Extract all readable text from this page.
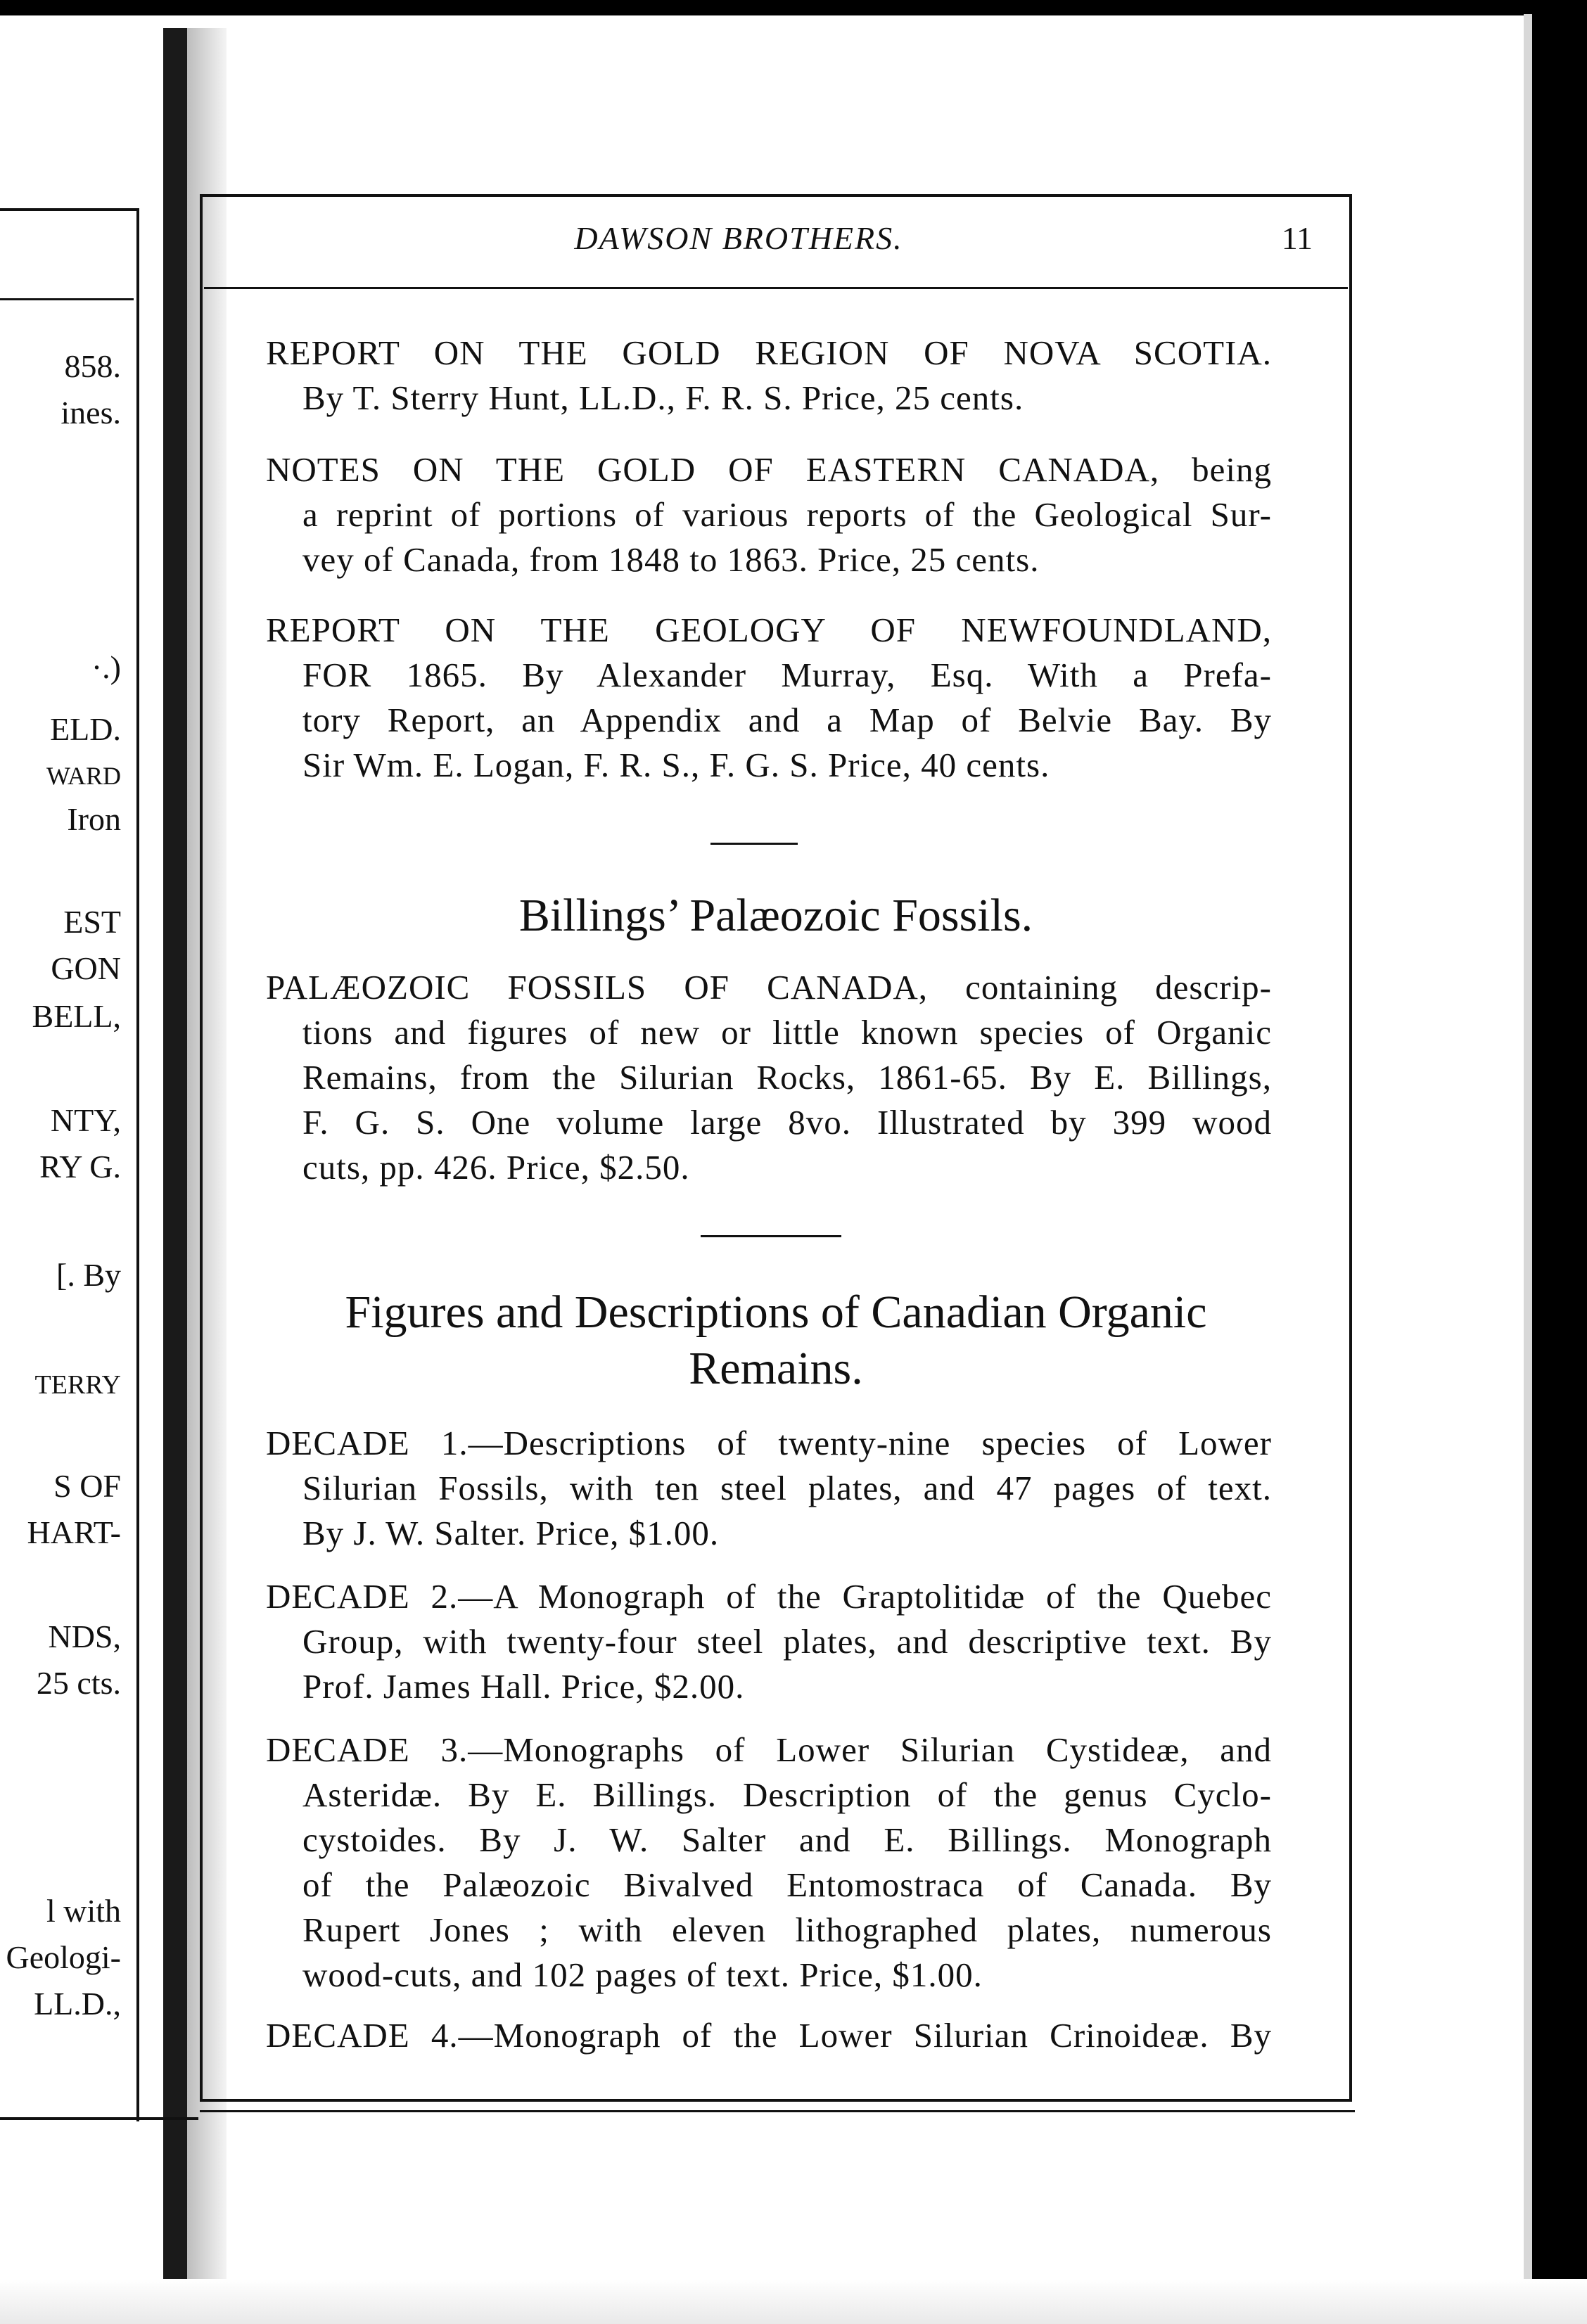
858.
ines.
·.)
ELD.
WARD
Iron
EST
GON
BELL,
NTY,
RY G.
[. By
TERRY
S OF
HART-
NDS,
25 cts.
l with
Geologi-
LL.D.,
DAWSON BROTHERS.	11
REPORT ON THE GOLD REGION OF NOVA SCOTIA.
By T. Sterry Hunt, LL.D., F. R. S. Price, 25 cents.
NOTES ON THE GOLD OF EASTERN CANADA, being
a reprint of portions of various reports of the Geological Sur-
vey of Canada, from 1848 to 1863. Price, 25 cents.
REPORT ON THE GEOLOGY OF NEWFOUNDLAND,
FOR 1865. By Alexander Murray, Esq. With a Prefa-
tory Report, an Appendix and a Map of Belvie Bay. By
Sir Wm. E. Logan, F. R. S., F. G. S. Price, 40 cents.
Billings’ Palæozoic Fossils.
PALÆOZOIC FOSSILS OF CANADA, containing descrip-
tions and figures of new or little known species of Organic
Remains, from the Silurian Rocks, 1861-65. By E. Billings,
F. G. S. One volume large 8vo. Illustrated by 399 wood
cuts, pp. 426. Price, $2.50.
Figures and Descriptions of Canadian Organic
Remains.
DECADE 1.—Descriptions of twenty-nine species of Lower
Silurian Fossils, with ten steel plates, and 47 pages of text.
By J. W. Salter. Price, $1.00.
DECADE 2.—A Monograph of the Graptolitidæ of the Quebec
Group, with twenty-four steel plates, and descriptive text. By
Prof. James Hall. Price, $2.00.
DECADE 3.—Monographs of Lower Silurian Cystideæ, and
Asteridæ. By E. Billings. Description of the genus Cyclo-
cystoides. By J. W. Salter and E. Billings. Monograph
of the Palæozoic Bivalved Entomostraca of Canada. By
Rupert Jones ; with eleven lithographed plates, numerous
wood-cuts, and 102 pages of text. Price, $1.00.
DECADE 4.—Monograph of the Lower Silurian Crinoideæ. By
